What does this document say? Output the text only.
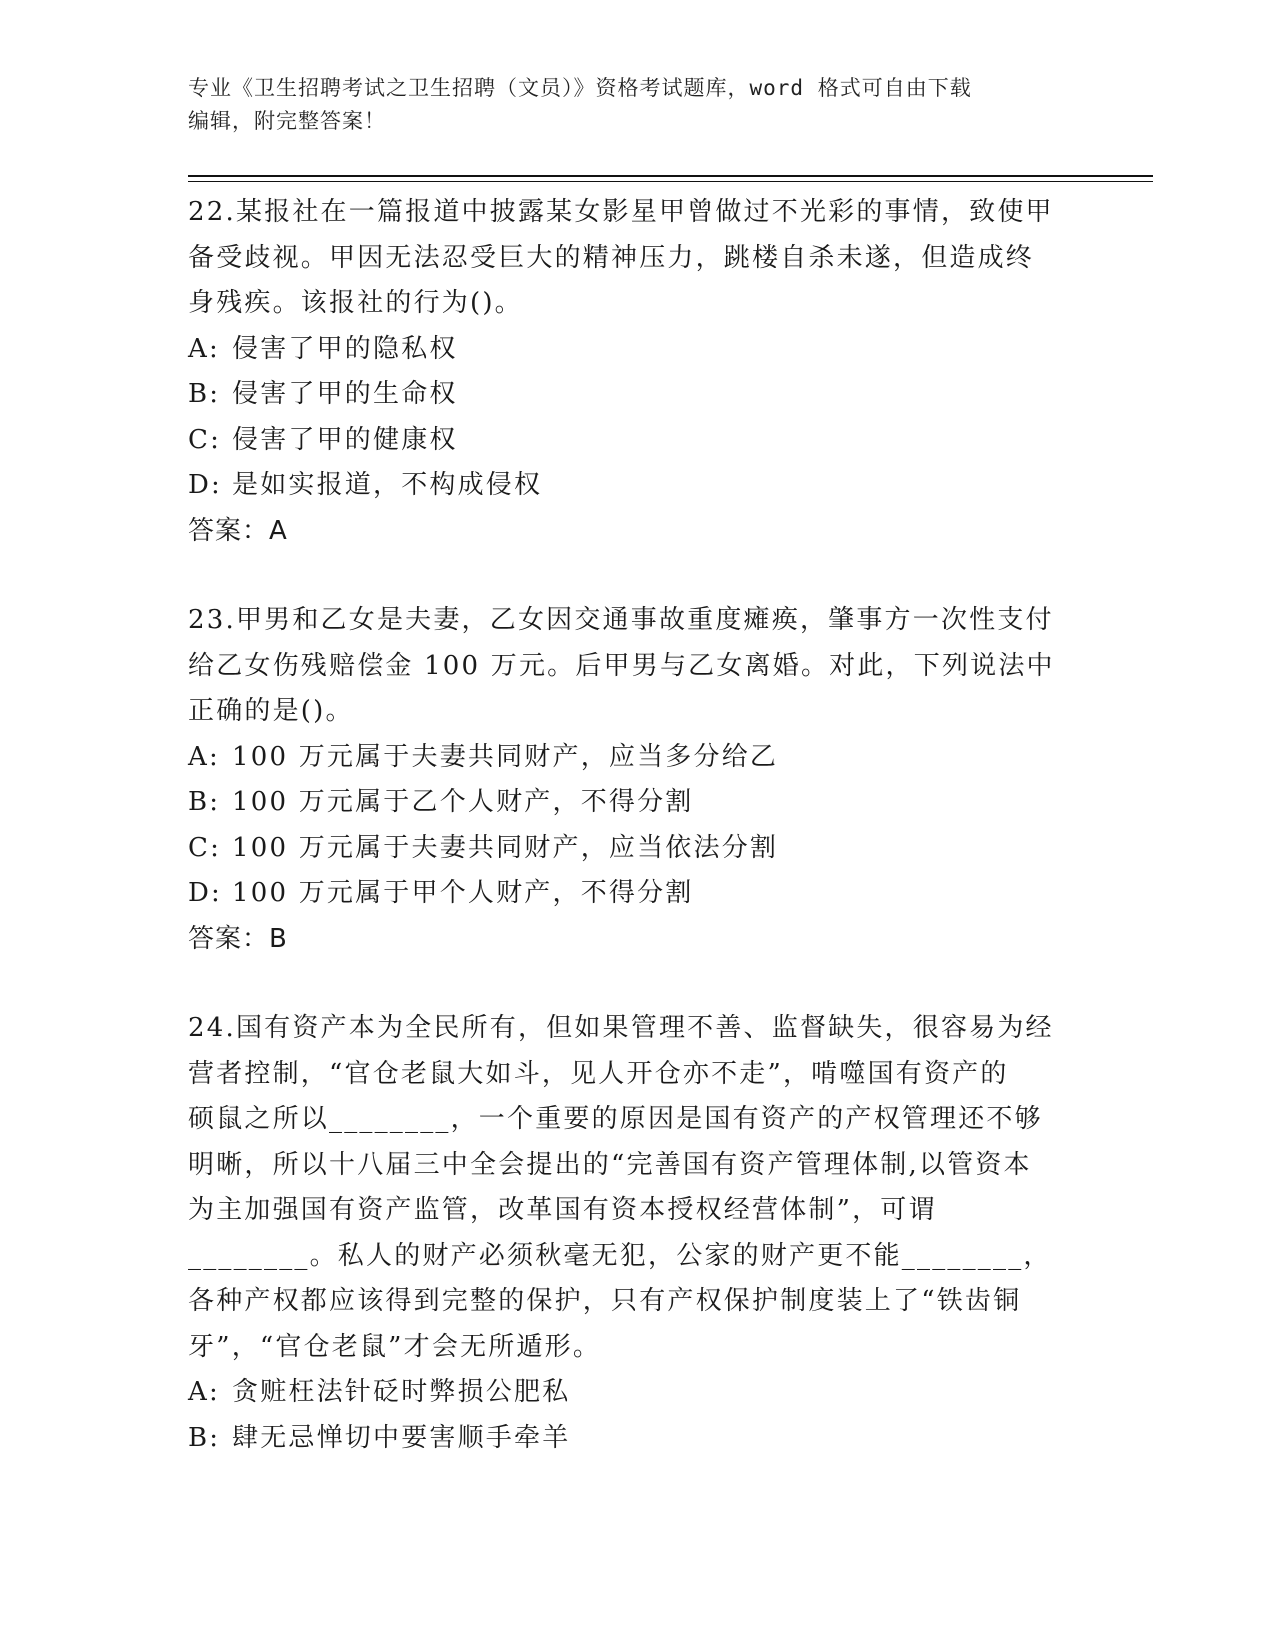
专业《卫生招聘考试之卫生招聘（文员）》资格考试题库，word 格式可自由下载
编辑，附完整答案！

22.某报社在一篇报道中披露某女影星甲曾做过不光彩的事情，致使甲

备受歧视。甲因无法忍受巨大的精神压力，跳楼自杀未遂，但造成终

身残疾。该报社的行为()。

A: 侵害了甲的隐私权

B: 侵害了甲的生命权

C: 侵害了甲的健康权

D: 是如实报道，不构成侵权

答案：A

23.甲男和乙女是夫妻，乙女因交通事故重度瘫痪，肇事方一次性支付

给乙女伤残赔偿金 100 万元。后甲男与乙女离婚。对此，下列说法中

正确的是()。

A: 100 万元属于夫妻共同财产，应当多分给乙

B: 100 万元属于乙个人财产，不得分割

C: 100 万元属于夫妻共同财产，应当依法分割

D: 100 万元属于甲个人财产，不得分割

答案：B

24.国有资产本为全民所有，但如果管理不善、监督缺失，很容易为经

营者控制，“官仓老鼠大如斗，见人开仓亦不走”，啃噬国有资产的

硕鼠之所以________，一个重要的原因是国有资产的产权管理还不够

明晰，所以十八届三中全会提出的“完善国有资产管理体制,以管资本

为主加强国有资产监管，改革国有资本授权经营体制”，可谓

________。私人的财产必须秋毫无犯，公家的财产更不能________，

各种产权都应该得到完整的保护，只有产权保护制度装上了“铁齿铜

牙”，“官仓老鼠”才会无所遁形。

A: 贪赃枉法针砭时弊损公肥私

B: 肆无忌惮切中要害顺手牵羊
